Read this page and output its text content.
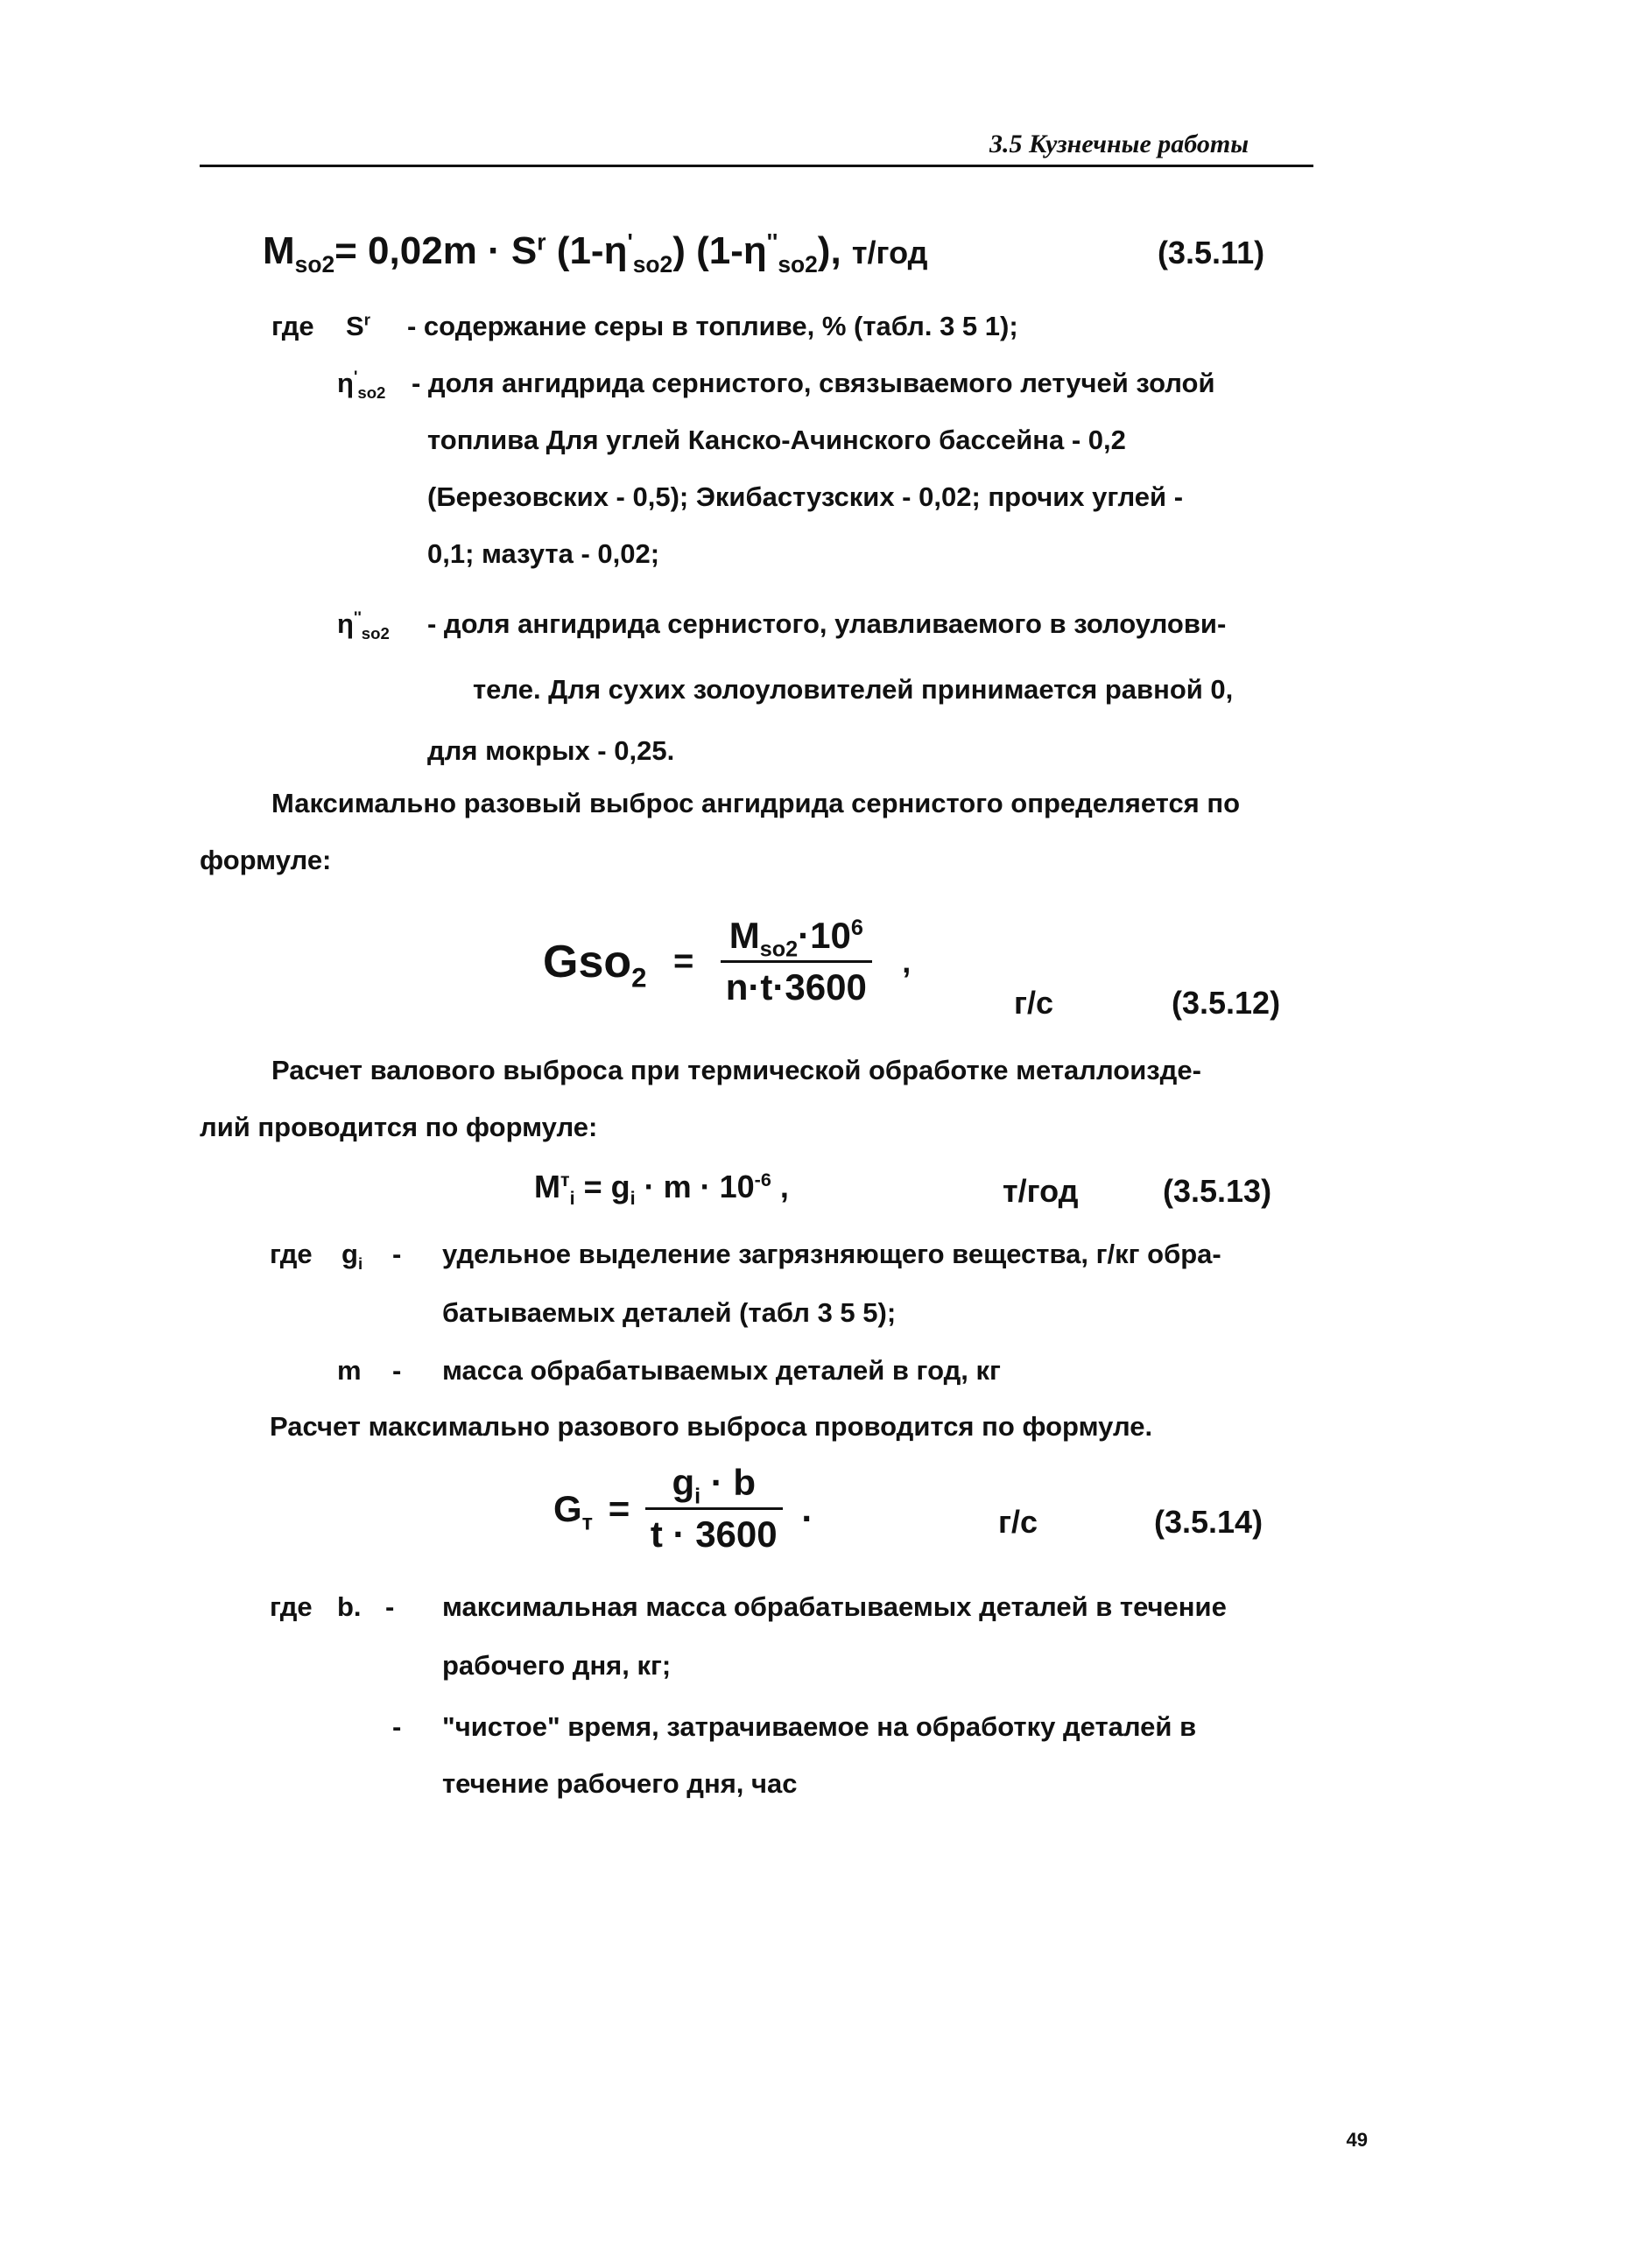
3.5 Кузнечные работы
$M_{so2}= 0,02m \cdot S^r$ $(1-\eta'_{so2})$ $(1-\eta''_{so2})$, т/год	(3.5.11)
где $S^r$ - содержание серы в топливе, % (табл. 3 5 1);
$\eta'_{so2}$ - доля ангидрида сернистого, связываемого летучей золой
топлива Для углей Канско-Ачинского бассейна - 0,2
(Березовских - 0,5); Экибастузских - 0,02; прочих углей -
0,1; мазута - 0,02;
$\eta''_{so2}$ - доля ангидрида сернистого, улавливаемого в золоулови-
теле. Для сухих золоуловителей принимается равной 0,
для мокрых - 0,25.
Максимально разовый выброс ангидрида сернистого определяется по
формуле:
$Gso_2 = \frac{M_{so2}\cdot 10^6}{n\cdot t\cdot 3600}$ ,
г/с	(3.5.12)
Расчет валового выброса при термической обработке металлоизде-
лий проводится по формуле:
$M^т_i = g_i \cdot m \cdot 10^{-6}$ ,	т/год	(3.5.13)
где $g_i$ - удельное выделение загрязняющего вещества, г/кг обра-
батываемых деталей (табл 3 5 5);
m - масса обрабатываемых деталей в год, кг
Расчет максимально разового выброса проводится по формуле.
$G_т = \frac{g_i \cdot b}{t \cdot 3600}$ .	г/с	(3.5.14)
где b. - максимальная масса обрабатываемых деталей в течение
рабочего дня, кг;
- "чистое" время, затрачиваемое на обработку деталей в
течение рабочего дня, час
49
